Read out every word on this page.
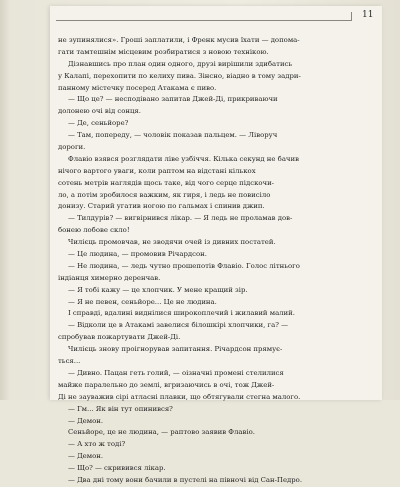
11
не зупинялися». Гроші заплатили, і Френк мусив їхати — допома-
гати тамтешнім місцевим розбиратися з новою технікою.
Дізнавшись про план один одного, друзі вирішили здибатись
у Калапі, перехопити по келиху пива. Зінсно, віадно в тому задри-
панному містечку посеред Атакама є пиво.
— Що це? — несподівано запитав Джей-Ді, прикриваючи
долонею очі від сонця.
— Де, сеньйоре?
— Там, попереду, — чоловік показав пальцем. — Ліворуч
дороги.
Флавіо взявся розглядати ліве узбіччя. Кілька секунд не бачив
нічого вартого уваги, коли раптом на відстані кількох
сотень метрів наглядів щось таке, від чого серце підскочи-
ло, а потім зробилося важким, як гиря, і ледь не повисіло
донизу. Старий угатив ногою по гальмах і спинив джип.
— Тилдурів? — вигвірнився лікар. — Я ледь не проламав дов-
бонею лобове скло!
Чилієць промовчав, не зводячи очей із дивних постатей.
— Це людина, — промовив Річардсон.
— Не людина, — ледь чутно прошепотів Флавіо. Голос літнього
індіанця химерно деренчав.
— Я тобі кажу — це хлопчик. У мене кращий зір.
— Я не певен, сеньйоре... Це не людина.
І справді, вдалині виднілися широкоплечий і жилавий малий.
— Відколи це в Атакамі завелися білошкірі хлопчики, га? —
спробував пожартувати Джей-Ді.
Чилієць знову проігнорував запитання. Річардсон прямує-
ться...
— Дивно. Пацан геть голий, — оізначні промені стелилися
майже паралельно до землі, вгризаючись в очі, тож Джей-
Ді не зауважив сірі атласні плавки, що обтягували стегна малого.
— Гм... Як він тут опинився?
— Демон.
Сеньйоре, це не людина, — раптово заявив Флавіо.
— А хто ж тоді?
— Демон.
— Що? — скривився лікар.
— Два дні тому вони бачили в пустелі на півночі від Сан-Педро.
